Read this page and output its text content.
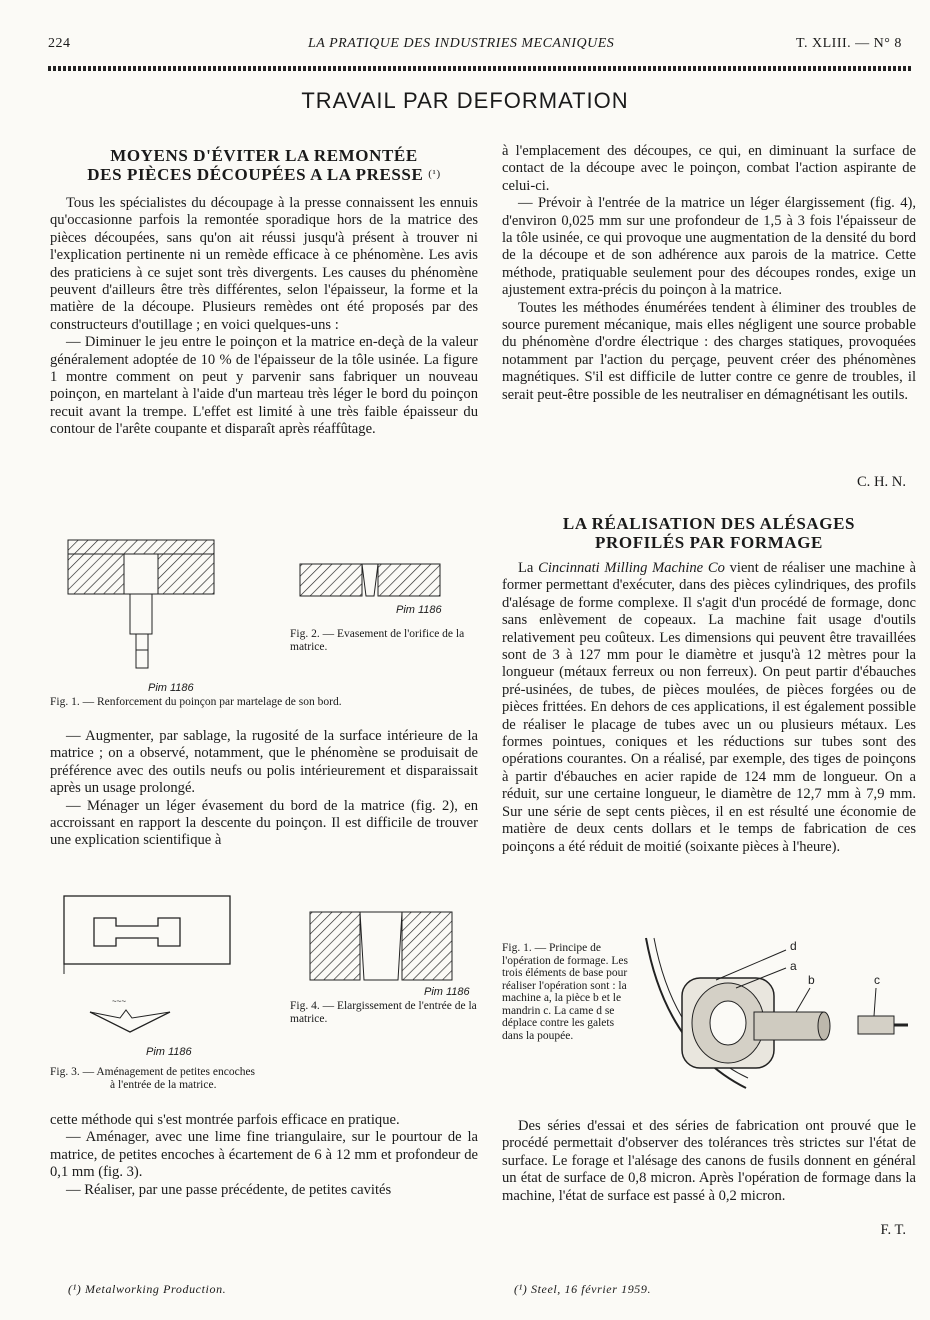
224	LA PRATIQUE DES INDUSTRIES MECANIQUES	T. XLIII. — N° 8
TRAVAIL PAR DEFORMATION
MOYENS D'ÉVITER LA REMONTÉE
DES PIÈCES DÉCOUPÉES A LA PRESSE $^{(^1)}$

Tous les spécialistes du découpage à la presse connaissent les ennuis qu'occasionne parfois la remontée sporadique hors de la matrice des pièces découpées, sans qu'on ait réussi jusqu'à présent à trouver ni l'explication pertinente ni un remède efficace à ce phénomène. Les avis des praticiens à ce sujet sont très divergents. Les causes du phénomène peuvent d'ailleurs être très différentes, selon l'épaisseur, la forme et la matière de la découpe. Plusieurs remèdes ont été proposés par des constructeurs d'outillage ; en voici quelques-uns :

— Diminuer le jeu entre le poinçon et la matrice en-deçà de la valeur généralement adoptée de 10 % de l'épaisseur de la tôle usinée. La figure 1 montre comment on peut y parvenir sans fabriquer un nouveau poinçon, en martelant à l'aide d'un marteau très léger le bord du poinçon recuit avant la trempe. L'effet est limité à une très faible épaisseur du contour de l'arête coupante et disparaît après réaffûtage.

Pim 1186
Fig. 1. — Renforcement du poinçon par martelage de son bord.
Pim 1186
Fig. 2. — Evasement de l'orifice de la matrice.

— Augmenter, par sablage, la rugosité de la surface intérieure de la matrice ; on a observé, notamment, que le phénomène se produisait de préférence avec des outils neufs ou polis intérieurement et disparaissait après un usage prolongé.

— Ménager un léger évasement du bord de la matrice (fig. 2), en accroissant en rapport la descente du poinçon. Il est difficile de trouver une explication scientifique à

~~~
Pim 1186
Fig. 3. — Aménagement de petites encoches
à l'entrée de la matrice.
Pim 1186
Fig. 4. — Elargissement de l'entrée de la matrice.

cette méthode qui s'est montrée parfois efficace en pratique.

— Aménager, avec une lime fine triangulaire, sur le pourtour de la matrice, de petites encoches à écartement de 6 à 12 mm et profondeur de 0,1 mm (fig. 3).

— Réaliser, par une passe précédente, de petites cavités

(¹) Metalworking Production.

à l'emplacement des découpes, ce qui, en diminuant la surface de contact de la découpe avec le poinçon, combat l'action aspirante de celui-ci.

— Prévoir à l'entrée de la matrice un léger élargissement (fig. 4), d'environ 0,025 mm sur une profondeur de 1,5 à 3 fois l'épaisseur de la tôle usinée, ce qui provoque une augmentation de la densité du bord de la découpe et de son adhérence aux parois de la matrice. Cette méthode, pratiquable seulement pour des découpes rondes, exige un ajustement extra-précis du poinçon à la matrice.

Toutes les méthodes énumérées tendent à éliminer des troubles de source purement mécanique, mais elles négligent une source probable du phénomène d'ordre électrique : des charges statiques, provoquées notamment par l'action du perçage, peuvent créer des phénomènes magnétiques. S'il est difficile de lutter contre ce genre de troubles, il serait peut-être possible de les neutraliser en démagnétisant les outils.

C. H. N.
LA RÉALISATION DES ALÉSAGES
PROFILÉS PAR FORMAGE

La Cincinnati Milling Machine Co vient de réaliser une machine à former permettant d'exécuter, dans des pièces cylindriques, des profils d'alésage de forme complexe. Il s'agit d'un procédé de formage, donc sans enlèvement de copeaux. La machine fait usage d'outils relativement peu coûteux. Les dimensions qui peuvent être travaillées sont de 3 à 127 mm pour le diamètre et jusqu'à 12 mètres pour la longueur (métaux ferreux ou non ferreux). On peut partir d'ébauches pré-usinées, de tubes, de pièces moulées, de pièces forgées ou de pièces frittées. En dehors de ces applications, il est également possible de réaliser le placage de tubes avec un ou plusieurs métaux. Les formes pointues, coniques et les réductions sur tubes sont des opérations courantes. On a réalisé, par exemple, des tiges de poinçons à partir d'ébauches en acier rapide de 124 mm de longueur. On a réduit, sur une certaine longueur, le diamètre de 12,7 mm à 7,9 mm. Sur une série de sept cents pièces, il en est résulté une économie de matière de deux cents dollars et le temps de fabrication de ces poinçons a été réduit de moitié (soixante pièces à l'heure).

Fig. 1. — Principe de l'opération de formage. Les trois éléments de base pour réaliser l'opération sont : la machine a, la pièce b et le mandrin c. La came d se déplace contre les galets dans la poupée.
d
a
b	c

Des séries d'essai et des séries de fabrication ont prouvé que le procédé permettait d'observer des tolérances très strictes sur l'état de surface. Le forage et l'alésage des canons de fusils donnent en général un état de surface de 0,8 micron. Après l'opération de formage dans la machine, l'état de surface est passé à 0,2 micron.

F. T.
(¹) Steel, 16 février 1959.
